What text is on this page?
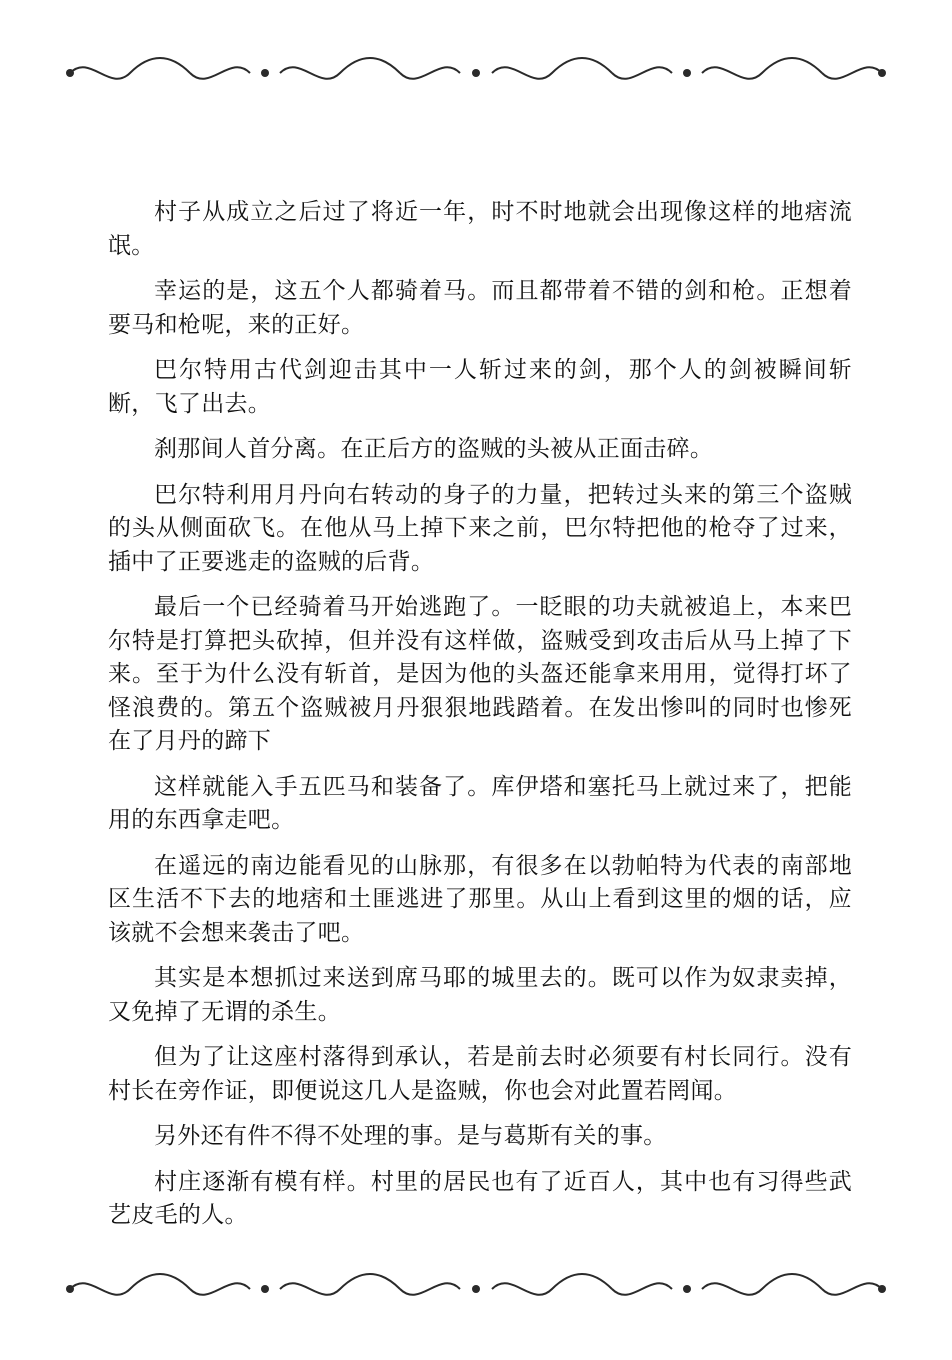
村子从成立之后过了将近一年，时不时地就会出现像这样的地痞流氓。

幸运的是，这五个人都骑着马。而且都带着不错的剑和枪。正想着要马和枪呢，来的正好。

巴尔特用古代剑迎击其中一人斩过来的剑，那个人的剑被瞬间斩断，飞了出去。

刹那间人首分离。在正后方的盗贼的头被从正面击碎。

巴尔特利用月丹向右转动的身子的力量，把转过头来的第三个盗贼的头从侧面砍飞。在他从马上掉下来之前，巴尔特把他的枪夺了过来，插中了正要逃走的盗贼的后背。

最后一个已经骑着马开始逃跑了。一眨眼的功夫就被追上，本来巴尔特是打算把头砍掉，但并没有这样做，盗贼受到攻击后从马上掉了下来。至于为什么没有斩首，是因为他的头盔还能拿来用用，觉得打坏了怪浪费的。第五个盗贼被月丹狠狠地践踏着。在发出惨叫的同时也惨死在了月丹的蹄下

这样就能入手五匹马和装备了。库伊塔和塞托马上就过来了，把能用的东西拿走吧。

在遥远的南边能看见的山脉那，有很多在以勃帕特为代表的南部地区生活不下去的地痞和土匪逃进了那里。从山上看到这里的烟的话，应该就不会想来袭击了吧。

其实是本想抓过来送到席马耶的城里去的。既可以作为奴隶卖掉，又免掉了无谓的杀生。

但为了让这座村落得到承认，若是前去时必须要有村长同行。没有村长在旁作证，即便说这几人是盗贼，你也会对此置若罔闻。

另外还有件不得不处理的事。是与葛斯有关的事。

村庄逐渐有模有样。村里的居民也有了近百人，其中也有习得些武艺皮毛的人。
